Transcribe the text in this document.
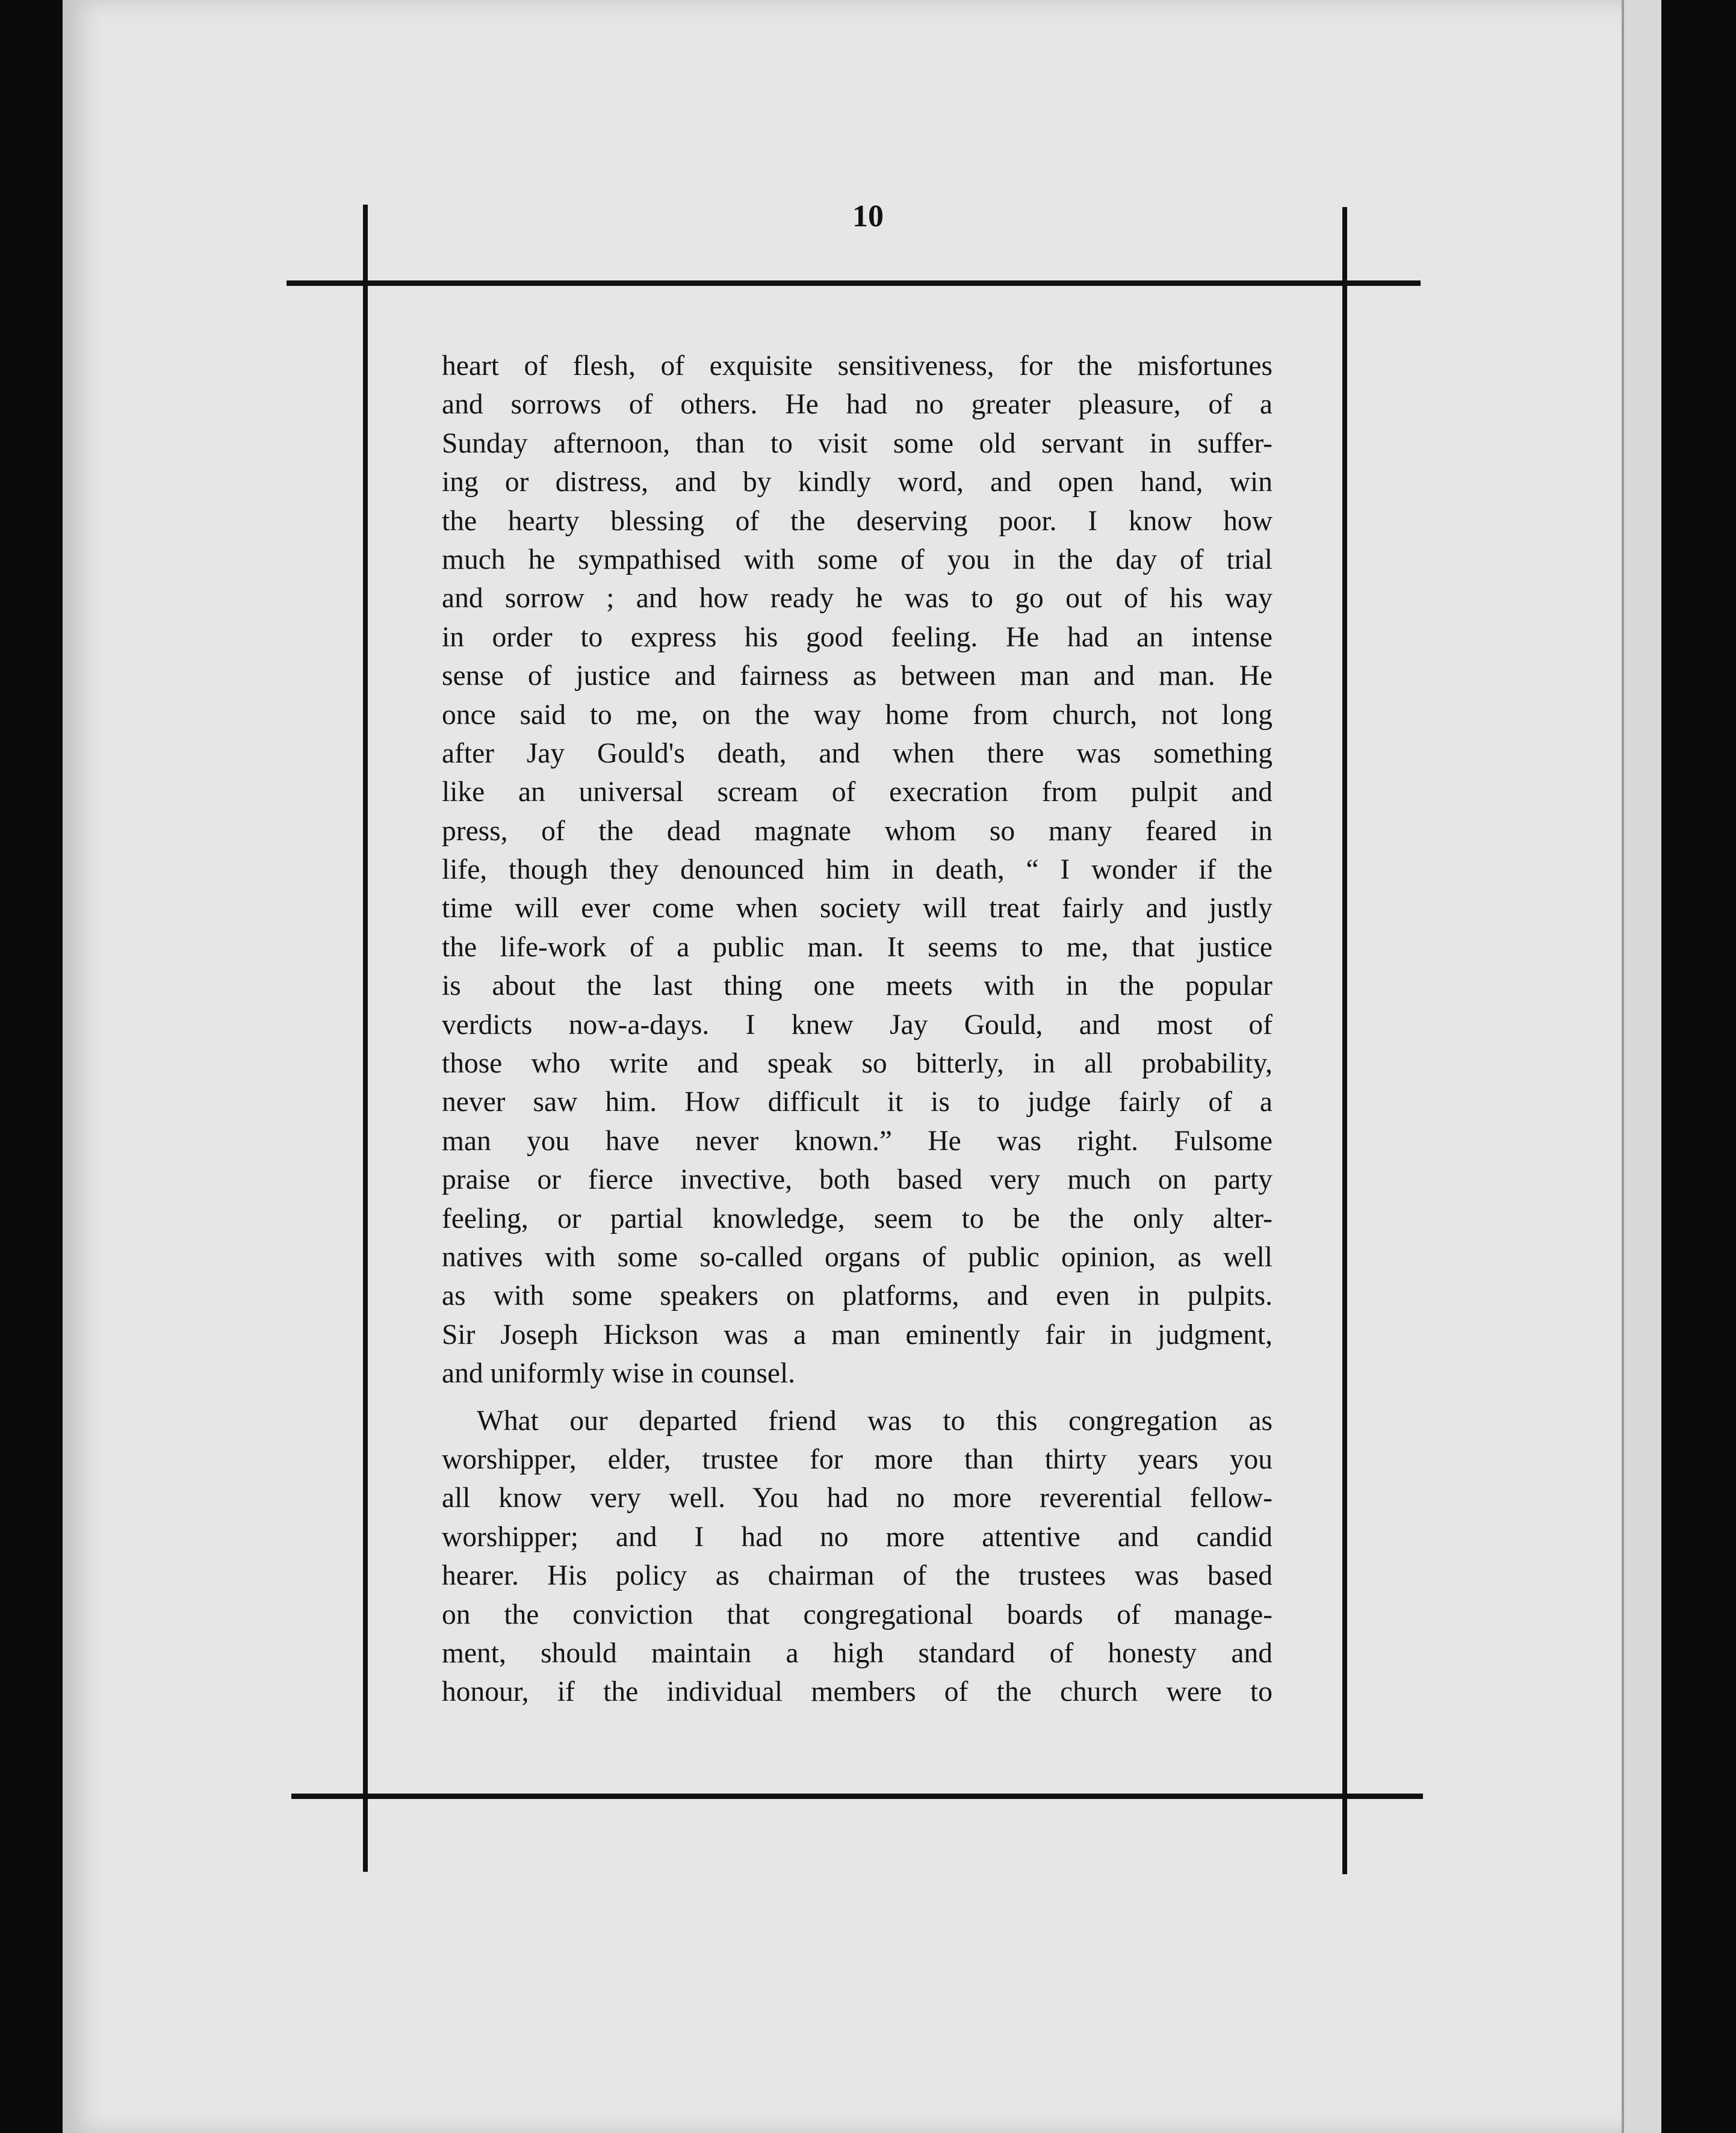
10
heart of flesh, of exquisite sensitiveness, for the misfortunes
and sorrows of others. He had no greater pleasure, of a
Sunday afternoon, than to visit some old servant in suffer-
ing or distress, and by kindly word, and open hand, win
the hearty blessing of the deserving poor. I know how
much he sympathised with some of you in the day of trial
and sorrow ; and how ready he was to go out of his way
in order to express his good feeling. He had an intense
sense of justice and fairness as between man and man. He
once said to me, on the way home from church, not long
after Jay Gould's death, and when there was something
like an universal scream of execration from pulpit and
press, of the dead magnate whom so many feared in
life, though they denounced him in death, “ I wonder if the
time will ever come when society will treat fairly and justly
the life-work of a public man. It seems to me, that justice
is about the last thing one meets with in the popular
verdicts now-a-days. I knew Jay Gould, and most of
those who write and speak so bitterly, in all probability,
never saw him. How difficult it is to judge fairly of a
man you have never known.” He was right. Fulsome
praise or fierce invective, both based very much on party
feeling, or partial knowledge, seem to be the only alter-
natives with some so-called organs of public opinion, as well
as with some speakers on platforms, and even in pulpits.
Sir Joseph Hickson was a man eminently fair in judgment,
and uniformly wise in counsel.
What our departed friend was to this congregation as
worshipper, elder, trustee for more than thirty years you
all know very well. You had no more reverential fellow-
worshipper; and I had no more attentive and candid
hearer. His policy as chairman of the trustees was based
on the conviction that congregational boards of manage-
ment, should maintain a high standard of honesty and
honour, if the individual members of the church were to
